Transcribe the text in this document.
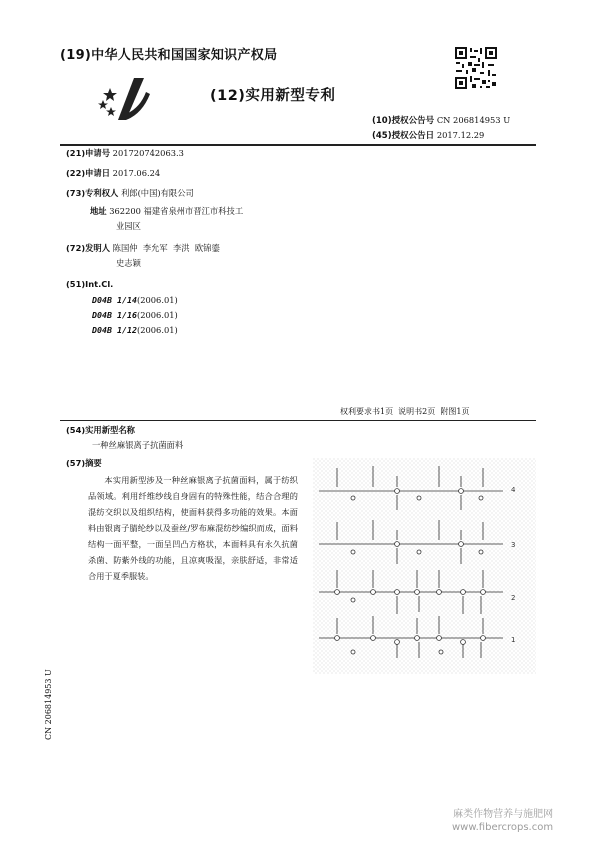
(19)中华人民共和国国家知识产权局
(12)实用新型专利
(10)授权公告号 CN 206814953 U
(45)授权公告日 2017.12.29
(21)申请号 201720742063.3
(22)申请日 2017.06.24
(73)专利权人 利郎(中国)有限公司
地址 362200 福建省泉州市晋江市科技工
业园区
(72)发明人 陈国仲  李允军  李洪  欧锦鎏
史志颖
(51)Int.Cl.
D04B 1/14(2006.01)
D04B 1/16(2006.01)
D04B 1/12(2006.01)
权利要求书1页  说明书2页  附图1页
(54)实用新型名称
一种丝麻银离子抗菌面料
(57)摘要
本实用新型涉及一种丝麻银离子抗菌面料，属于纺织品领域。利用纤维纱线自身固有的特殊性能，结合合理的混纺交织以及组织结构，使面料获得多功能的效果。本面料由银离子腈纶纱以及蚕丝/罗布麻混纺纱编织而成，面料结构一面平整，一面呈凹凸方格状，本面料具有永久抗菌杀菌、防紫外线的功能，且凉爽吸湿，亲肤舒适，非常适合用于夏季服装。
4
3
2
1
CN 206814953 U
麻类作物营养与施肥网
www.fibercrops.com
